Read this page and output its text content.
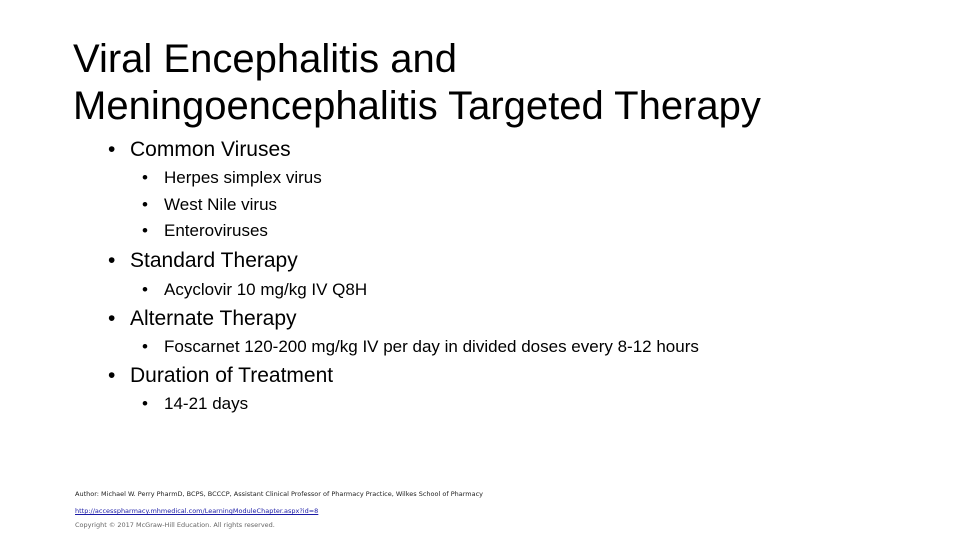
Viral Encephalitis and
Meningoencephalitis Targeted Therapy
• Common Viruses
• Herpes simplex virus
• West Nile virus
• Enteroviruses
• Standard Therapy
• Acyclovir 10 mg/kg IV Q8H
• Alternate Therapy
• Foscarnet 120-200 mg/kg IV per day in divided doses every 8-12 hours
• Duration of Treatment
• 14-21 days
Author: Michael W. Perry PharmD, BCPS, BCCCP, Assistant Clinical Professor of Pharmacy Practice, Wilkes School of Pharmacy
http://accesspharmacy.mhmedical.com/LearningModuleChapter.aspx?id=8
Copyright © 2017 McGraw-Hill Education. All rights reserved.
